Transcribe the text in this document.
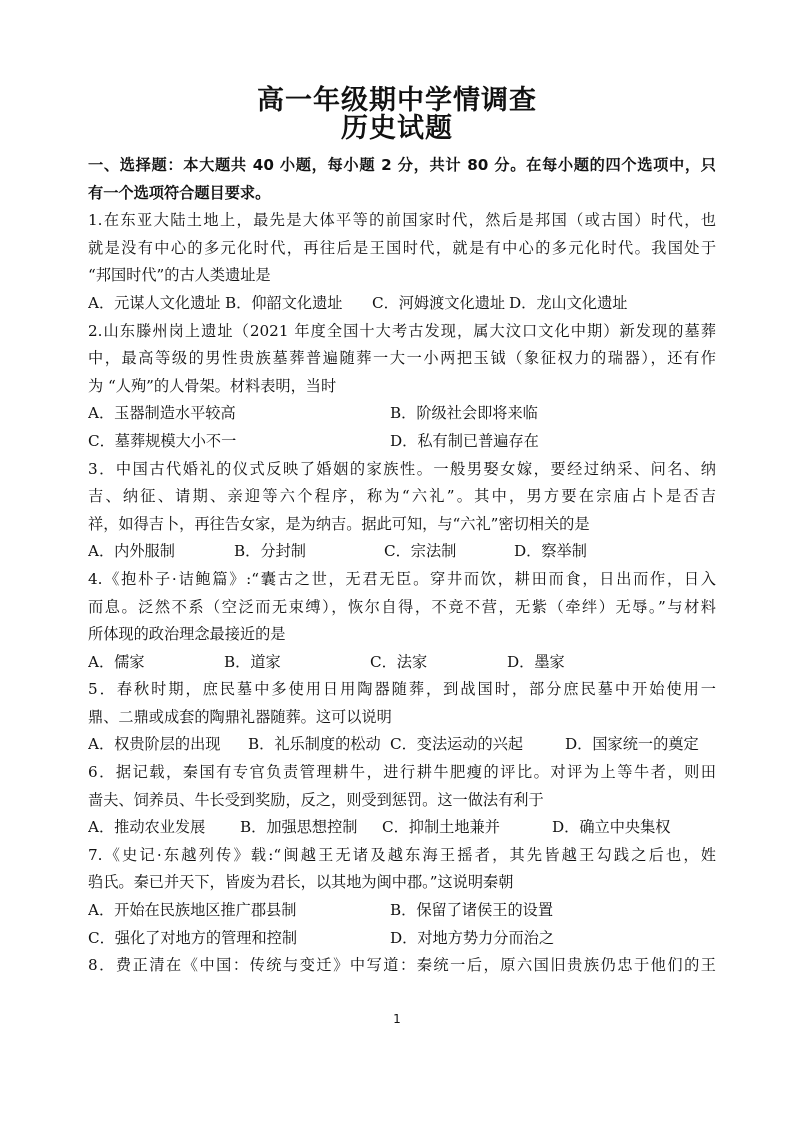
高一年级期中学情调查
历史试题
一、选择题：本大题共 40 小题，每小题 2 分，共计 80 分。在每小题的四个选项中，只
有一个选项符合题目要求。
1.在东亚大陆土地上，最先是大体平等的前国家时代，然后是邦国（或古国）时代，也
就是没有中心的多元化时代，再往后是王国时代，就是有中心的多元化时代。我国处于
“邦国时代”的古人类遗址是
A．元谋人文化遗址 B．仰韶文化遗址	C．河姆渡文化遗址 D．龙山文化遗址
2.山东滕州岗上遗址（2021 年度全国十大考古发现，属大汶口文化中期）新发现的墓葬
中，最高等级的男性贵族墓葬普遍随葬一大一小两把玉钺（象征权力的瑞器），还有作
为 “人殉”的人骨架。材料表明，当时
A．玉器制造水平较高	B．阶级社会即将来临
C．墓葬规模大小不一	D．私有制已普遍存在
3．中国古代婚礼的仪式反映了婚姻的家族性。一般男娶女嫁，要经过纳采、问名、纳
吉、纳征、请期、亲迎等六个程序，称为“六礼”。其中，男方要在宗庙占卜是否吉
祥，如得吉卜，再往告女家，是为纳吉。据此可知，与“六礼”密切相关的是
A．内外服制	B．分封制	C．宗法制	D．察举制
4.《抱朴子·诘鲍篇》:“囊古之世，无君无臣。穿井而饮，耕田而食，日出而作，日入
而息。泛然不系（空泛而无束缚），恢尔自得，不竞不营，无紫（牵绊）无辱。”与材料
所体现的政治理念最接近的是
A．儒家	B．道家	C．法家	D．墨家
5．春秋时期，庶民墓中多使用日用陶器随葬，到战国时，部分庶民墓中开始使用一
鼎、二鼎或成套的陶鼎礼器随葬。这可以说明
A．权贵阶层的出现	B．礼乐制度的松动 C．变法运动的兴起	D．国家统一的奠定
6．据记载，秦国有专官负责管理耕牛，进行耕牛肥瘦的评比。对评为上等牛者，则田
啬夫、饲养员、牛长受到奖励，反之，则受到惩罚。这一做法有利于
A．推动农业发展	B．加强思想控制	C．抑制土地兼并	D．确立中央集权
7.《史记·东越列传》载:“闽越王无诸及越东海王摇者，其先皆越王勾践之后也，姓
驺氏。秦已并天下，皆废为君长，以其地为闽中郡。”这说明秦朝
A．开始在民族地区推广郡县制	B．保留了诸侯王的设置
C．强化了对地方的管理和控制	D．对地方势力分而治之
8．费正清在《中国：传统与变迁》中写道：秦统一后，原六国旧贵族仍忠于他们的王
1
